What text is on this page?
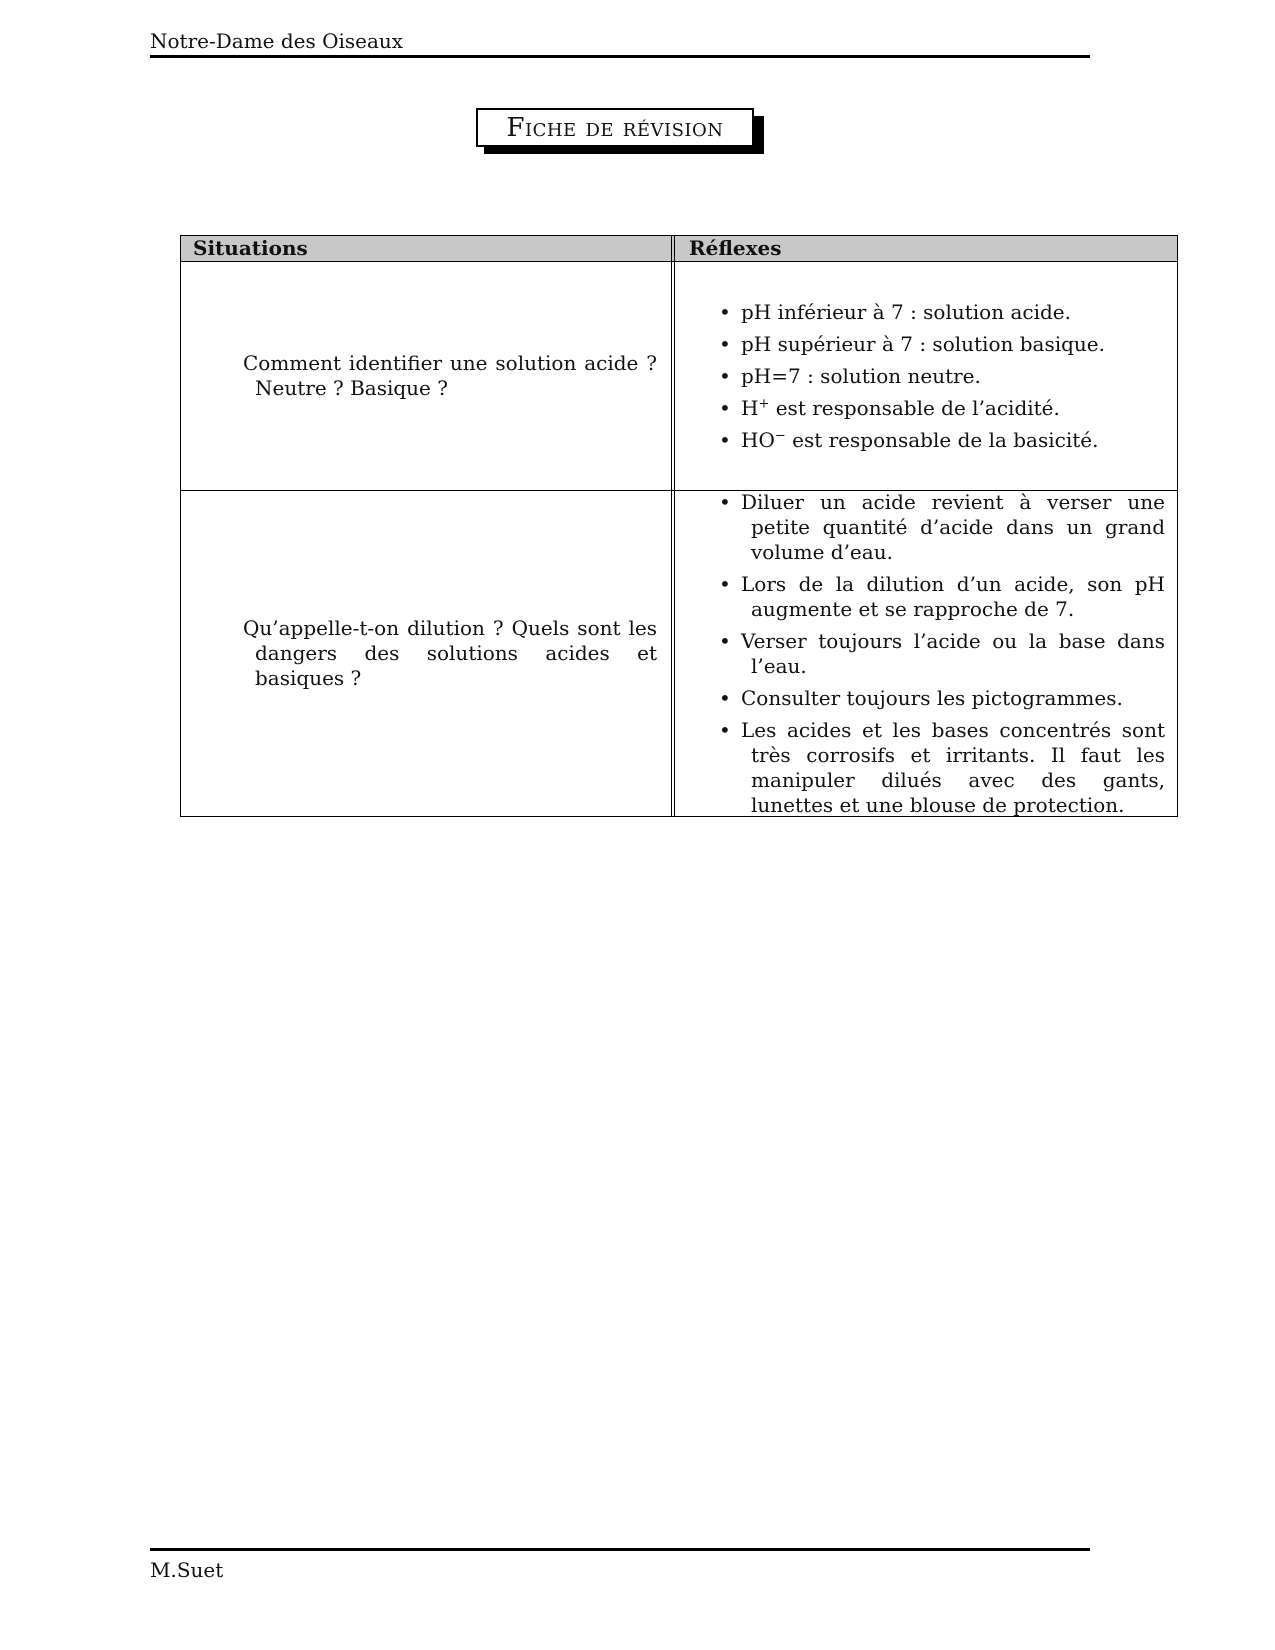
Notre-Dame des Oiseaux
Fiche de révision
Situations	Réflexes

Comment identifier une solution acide ? Neutre ? Basique ?

• pH inférieur à 7 : solution acide.
• pH supérieur à 7 : solution basique.
• pH=7 : solution neutre.
• H+ est responsable de l’acidité.
• HO− est responsable de la basicité.

Qu’appelle-t-on dilution ? Quels sont les dangers des solutions acides et basiques ?

• Diluer un acide revient à verser une petite quantité d’acide dans un grand volume d’eau.
• Lors de la dilution d’un acide, son pH augmente et se rapproche de 7.
• Verser toujours l’acide ou la base dans l’eau.
• Consulter toujours les pictogrammes.
• Les acides et les bases concentrés sont très corrosifs et irritants. Il faut les manipuler dilués avec des gants, lunettes et une blouse de protection.
M.Suet
